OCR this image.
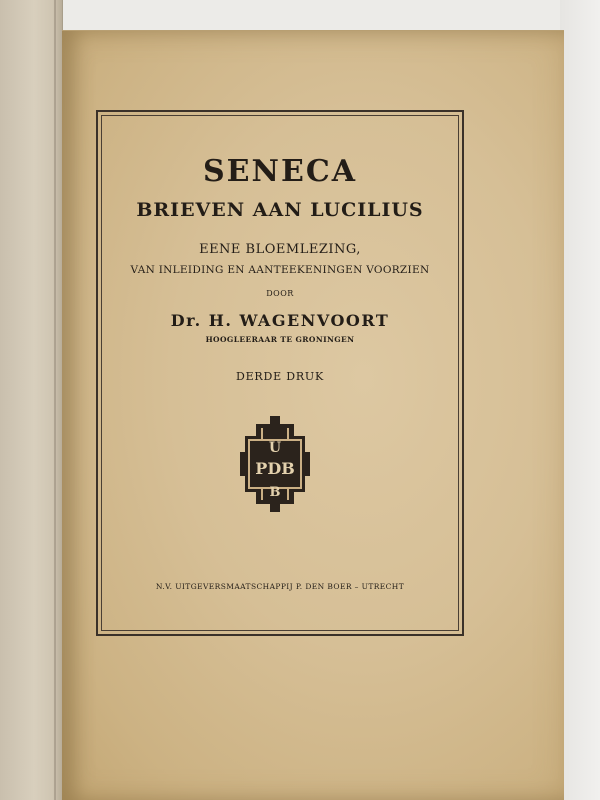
SENECA
BRIEVEN AAN LUCILIUS
EENE BLOEMLEZING,
VAN INLEIDING EN AANTEEKENINGEN VOORZIEN
DOOR
Dr. H. WAGENVOORT
HOOGLEERAAR TE GRONINGEN
DERDE DRUK
U
PDB
B
N.V. UITGEVERSMAATSCHAPPIJ P. DEN BOER – UTRECHT
